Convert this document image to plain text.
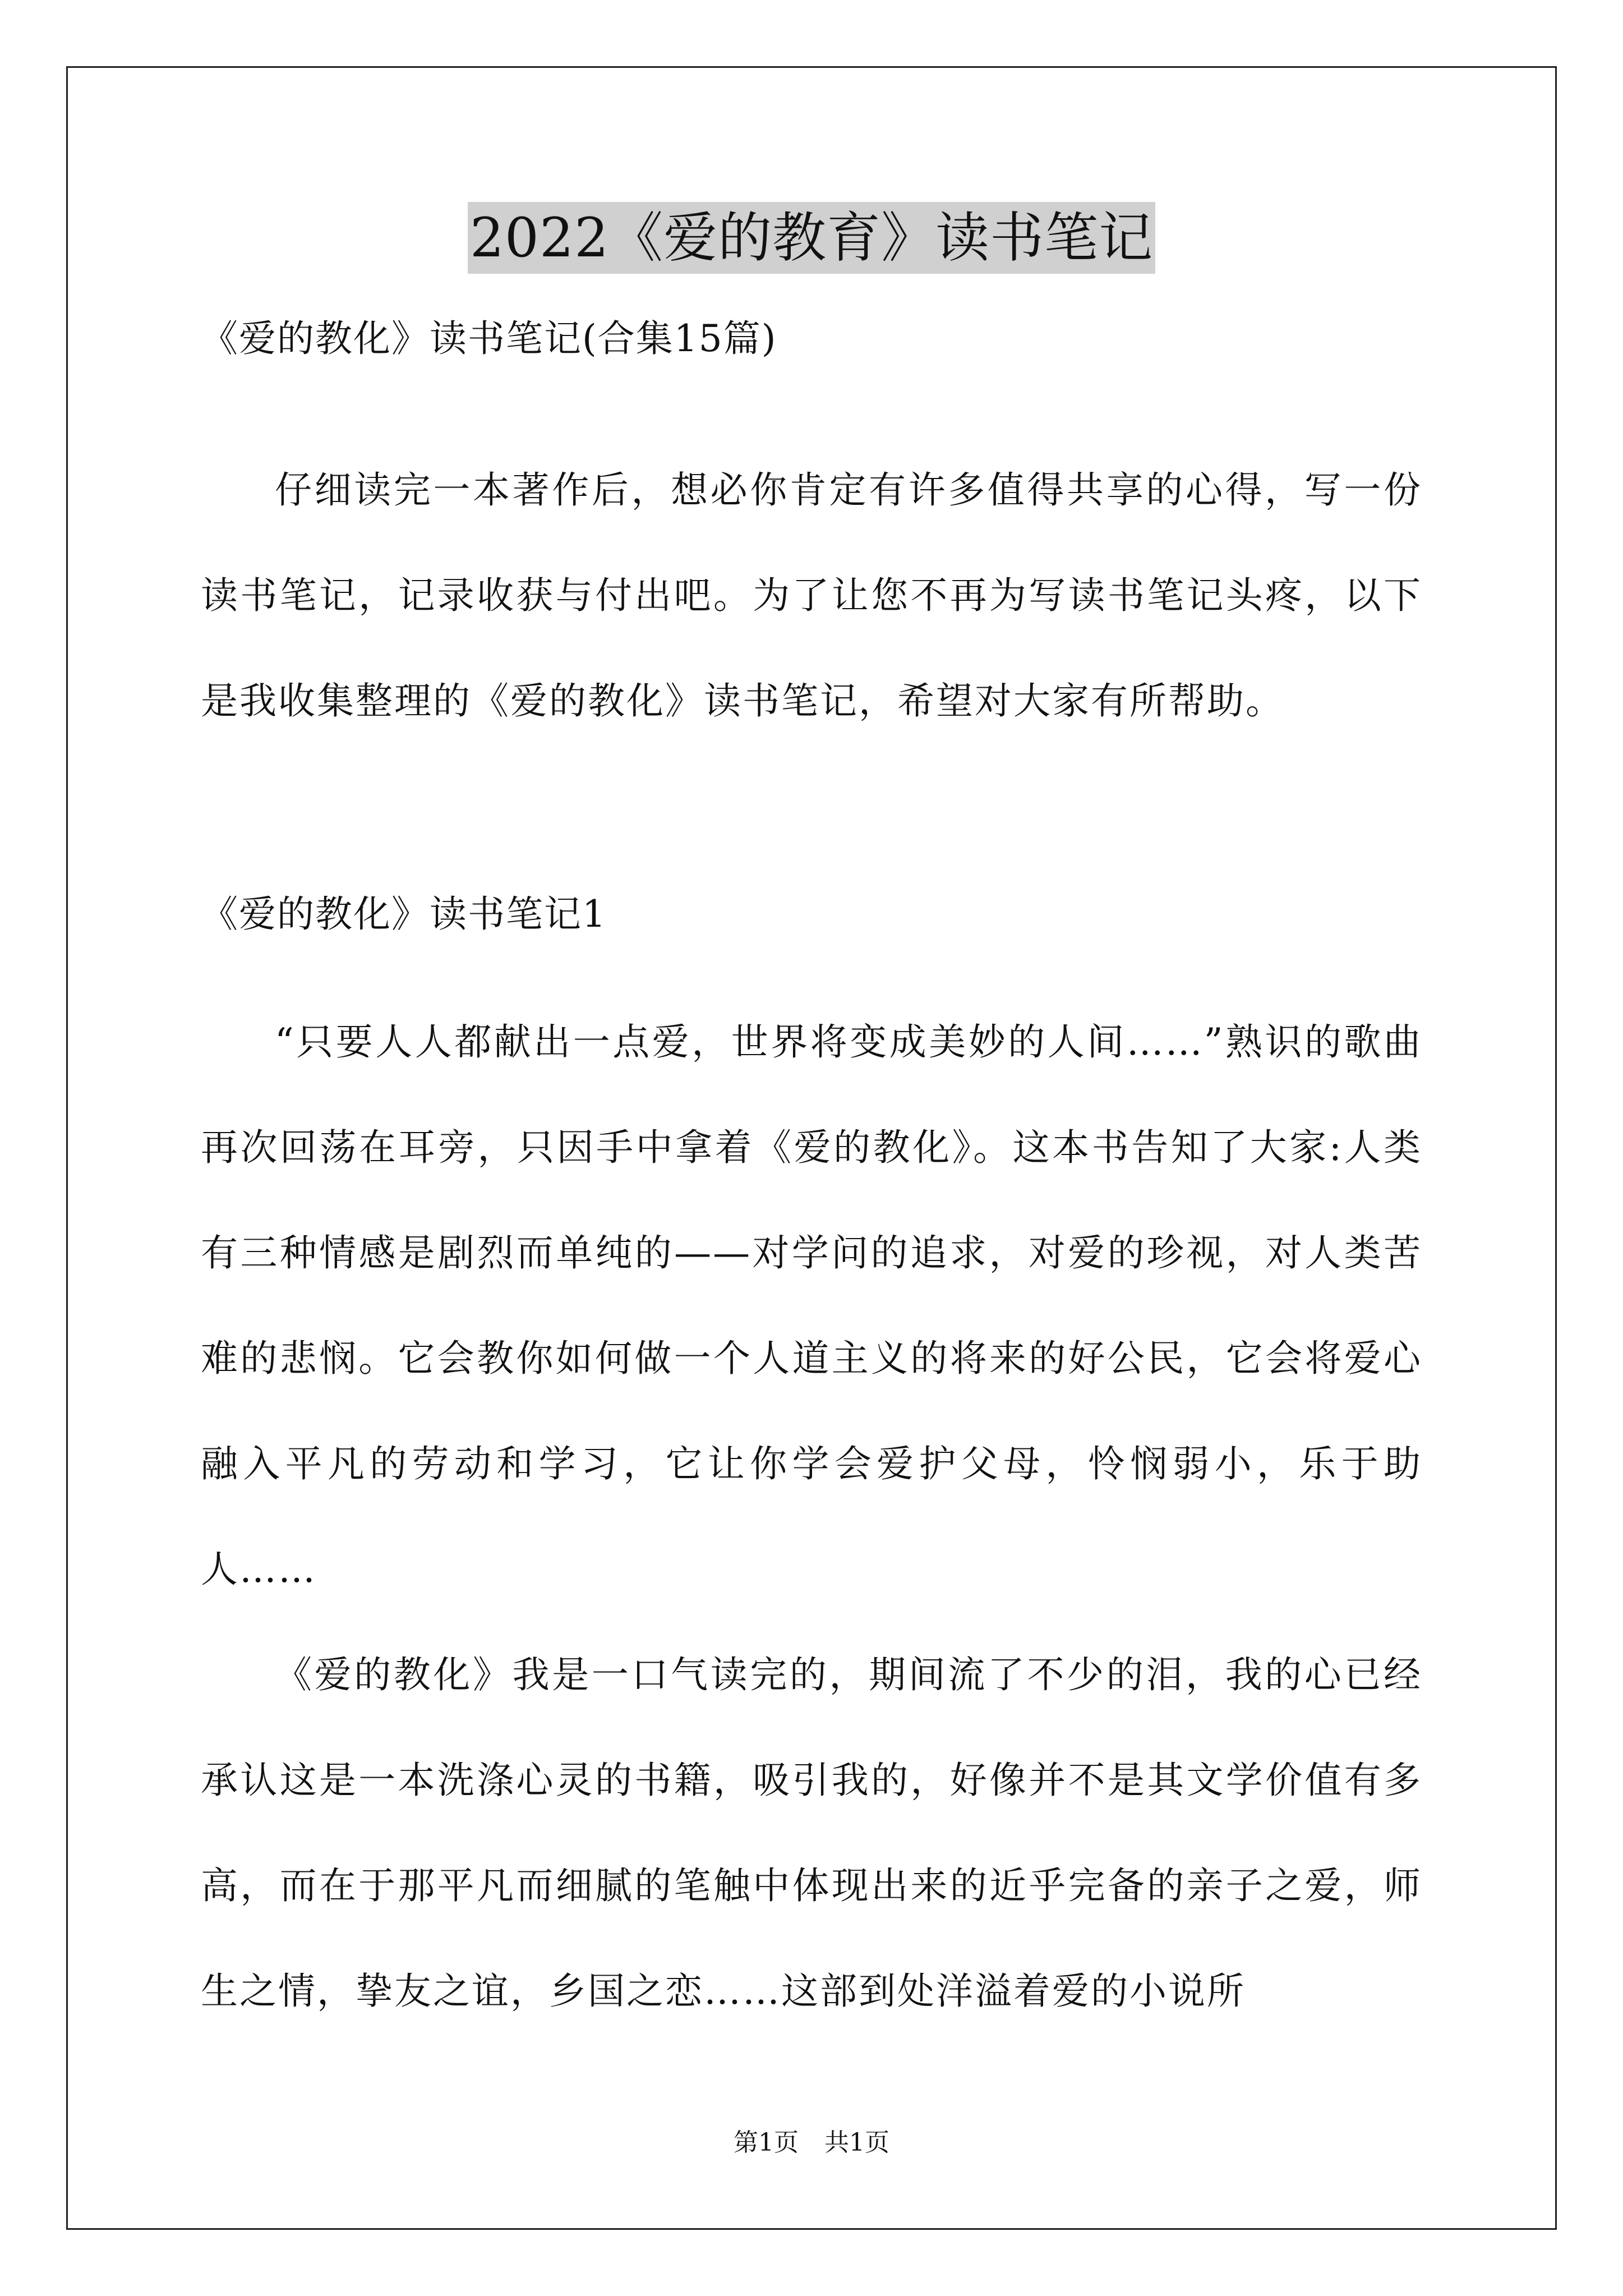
2022《爱的教育》读书笔记
《爱的教化》读书笔记(合集15篇)

仔细读完一本著作后，想必你肯定有许多值得共享的心得，写一份读书笔记，记录收获与付出吧。为了让您不再为写读书笔记头疼，以下是我收集整理的《爱的教化》读书笔记，希望对大家有所帮助。

《爱的教化》读书笔记1

“只要人人都献出一点爱，世界将变成美妙的人间……”熟识的歌曲再次回荡在耳旁，只因手中拿着《爱的教化》。这本书告知了大家:人类有三种情感是剧烈而单纯的——对学问的追求，对爱的珍视，对人类苦难的悲悯。它会教你如何做一个人道主义的将来的好公民，它会将爱心融入平凡的劳动和学习，它让你学会爱护父母，怜悯弱小，乐于助人……

《爱的教化》我是一口气读完的，期间流了不少的泪，我的心已经承认这是一本洗涤心灵的书籍，吸引我的，好像并不是其文学价值有多高，而在于那平凡而细腻的笔触中体现出来的近乎完备的亲子之爱，师生之情，挚友之谊，乡国之恋……这部到处洋溢着爱的小说所

第1页 共1页
